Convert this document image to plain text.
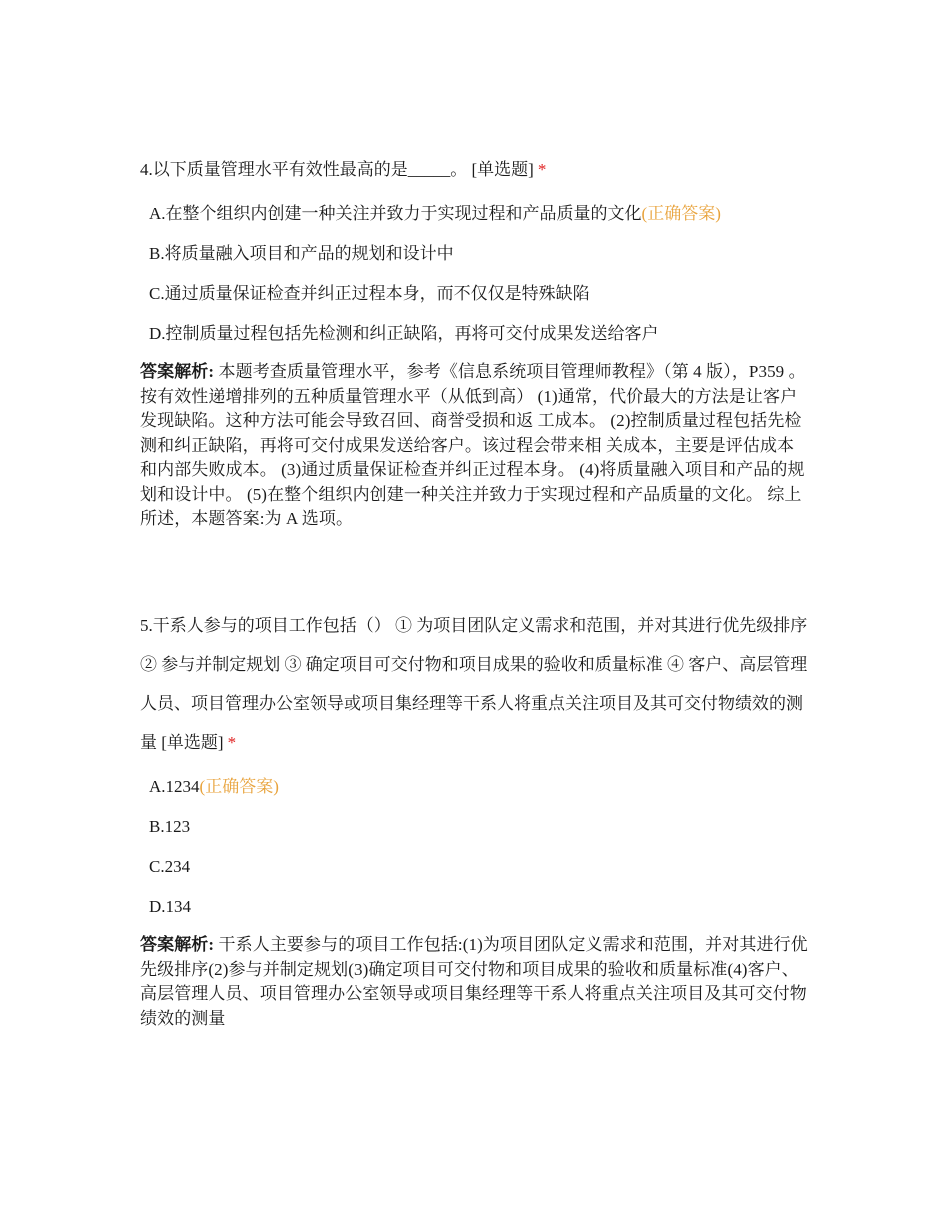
4.以下质量管理水平有效性最高的是_____。 [单选题] *

A.在整个组织内创建一种关注并致力于实现过程和产品质量的文化(正确答案)
B.将质量融入项目和产品的规划和设计中
C.通过质量保证检查并纠正过程本身，而不仅仅是特殊缺陷
D.控制质量过程包括先检测和纠正缺陷，再将可交付成果发送给客户

答案解析: 本题考查质量管理水平，参考《信息系统项目管理师教程》（第 4 版），P359 。 按有效性递增排列的五种质量管理水平（从低到高） (1)通常，代价最大的方法是让客户发现缺陷。这种方法可能会导致召回、商誉受损和返 工成本。 (2)控制质量过程包括先检测和纠正缺陷，再将可交付成果发送给客户。该过程会带来相 关成本，主要是评估成本和内部失败成本。 (3)通过质量保证检查并纠正过程本身。 (4)将质量融入项目和产品的规划和设计中。 (5)在整个组织内创建一种关注并致力于实现过程和产品质量的文化。 综上所述，本题答案:为 A 选项。

5.干系人参与的项目工作包括（） ① 为项目团队定义需求和范围，并对其进行优先级排序 ② 参与并制定规划 ③ 确定项目可交付物和项目成果的验收和质量标准 ④ 客户、高层管理人员、项目管理办公室领导或项目集经理等干系人将重点关注项目及其可交付物绩效的测量 [单选题] *

A.1234(正确答案)
B.123
C.234
D.134

答案解析: 干系人主要参与的项目工作包括:(1)为项目团队定义需求和范围，并对其进行优先级排序(2)参与并制定规划(3)确定项目可交付物和项目成果的验收和质量标准(4)客户、高层管理人员、项目管理办公室领导或项目集经理等干系人将重点关注项目及其可交付物绩效的测量
